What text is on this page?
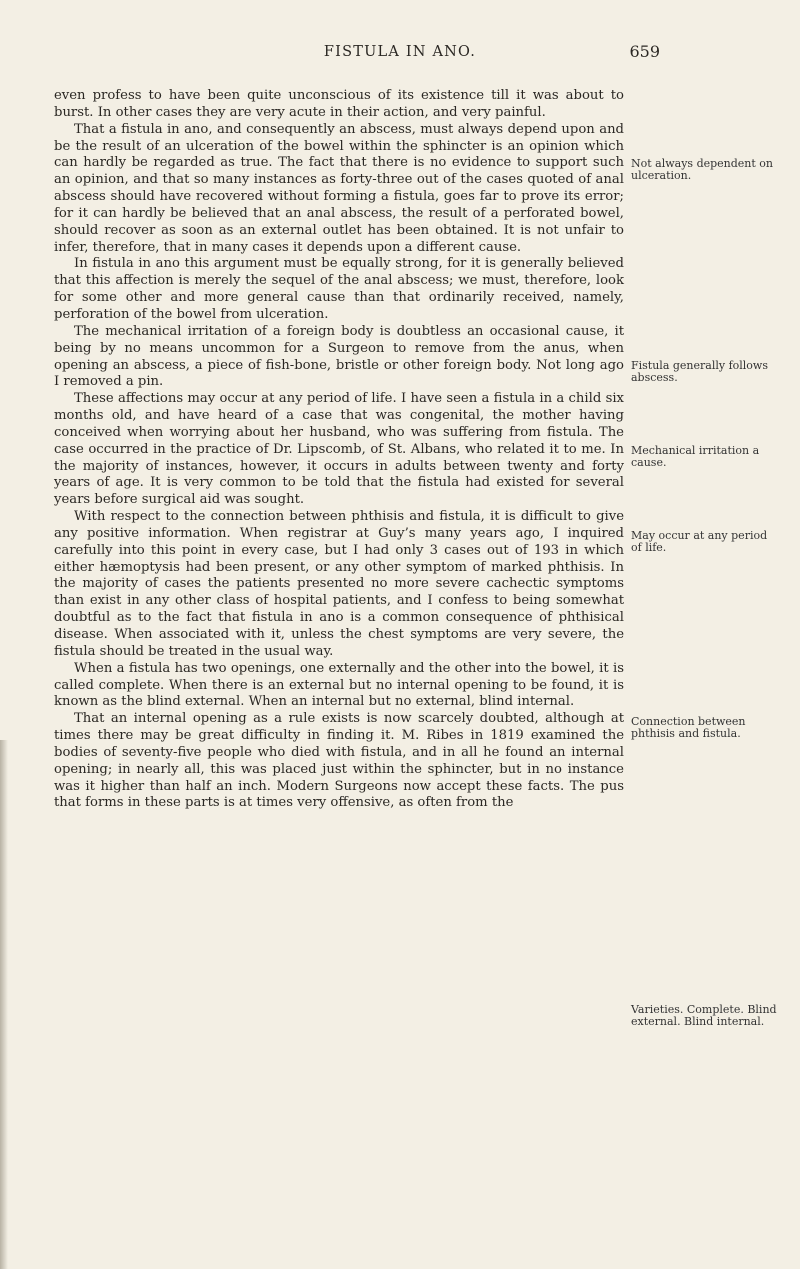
FISTULA IN ANO.	659

even profess to have been quite unconscious of its existence till it was about to burst. In other cases they are very acute in their action, and very painful.

That a fistula in ano, and consequently an abscess, must always depend upon and be the result of an ulceration of the bowel within the sphincter is an opinion which can hardly be regarded as true. The fact that there is no evidence to support such an opinion, and that so many instances as forty-three out of the cases quoted of anal abscess should have recovered without forming a fistula, goes far to prove its error; for it can hardly be believed that an anal abscess, the result of a perforated bowel, should recover as soon as an external outlet has been obtained. It is not unfair to infer, therefore, that in many cases it depends upon a different cause.

In fistula in ano this argument must be equally strong, for it is generally believed that this affection is merely the sequel of the anal abscess; we must, therefore, look for some other and more general cause than that ordinarily received, namely, perforation of the bowel from ulceration.

The mechanical irritation of a foreign body is doubtless an occasional cause, it being by no means uncommon for a Surgeon to remove from the anus, when opening an abscess, a piece of fish-bone, bristle or other foreign body. Not long ago I removed a pin.

These affections may occur at any period of life. I have seen a fistula in a child six months old, and have heard of a case that was congenital, the mother having conceived when worrying about her husband, who was suffering from fistula. The case occurred in the practice of Dr. Lipscomb, of St. Albans, who related it to me. In the majority of instances, however, it occurs in adults between twenty and forty years of age. It is very common to be told that the fistula had existed for several years before surgical aid was sought.

With respect to the connection between phthisis and fistula, it is difficult to give any positive information. When registrar at Guy’s many years ago, I inquired carefully into this point in every case, but I had only 3 cases out of 193 in which either hæmoptysis had been present, or any other symptom of marked phthisis. In the majority of cases the patients presented no more severe cachectic symptoms than exist in any other class of hospital patients, and I confess to being somewhat doubtful as to the fact that fistula in ano is a common consequence of phthisical disease. When associated with it, unless the chest symptoms are very severe, the fistula should be treated in the usual way.

When a fistula has two openings, one externally and the other into the bowel, it is called complete. When there is an external but no internal opening to be found, it is known as the blind external. When an internal but no external, blind internal.

That an internal opening as a rule exists is now scarcely doubted, although at times there may be great difficulty in finding it. M. Ribes in 1819 examined the bodies of seventy-five people who died with fistula, and in all he found an internal opening; in nearly all, this was placed just within the sphincter, but in no instance was it higher than half an inch. Modern Surgeons now accept these facts. The pus that forms in these parts is at times very offensive, as often from the

Not always dependent on ulceration.
Fistula generally follows abscess.
Mechanical irritation a cause.
May occur at any period of life.
Connection between phthisis and fistula.
Varieties. Complete. Blind external. Blind internal.
